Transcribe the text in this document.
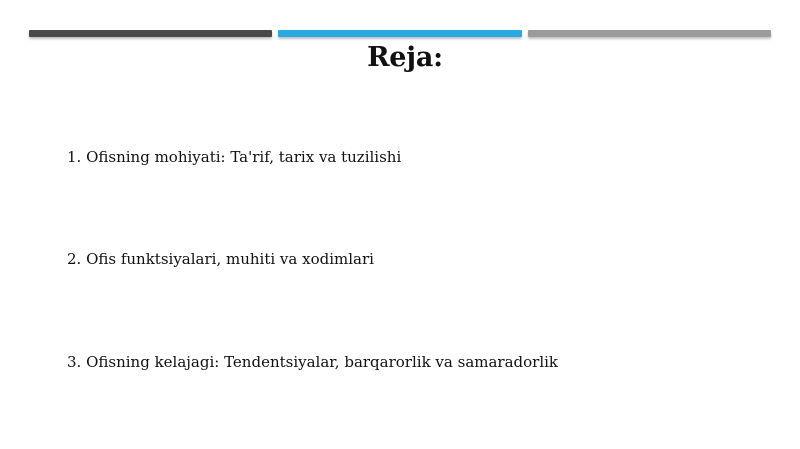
Reja:

1. Ofisning mohiyati: Ta'rif, tarix va tuzilishi

2. Ofis funktsiyalari, muhiti va xodimlari

3. Ofisning kelajagi: Tendentsiyalar, barqarorlik va samaradorlik
